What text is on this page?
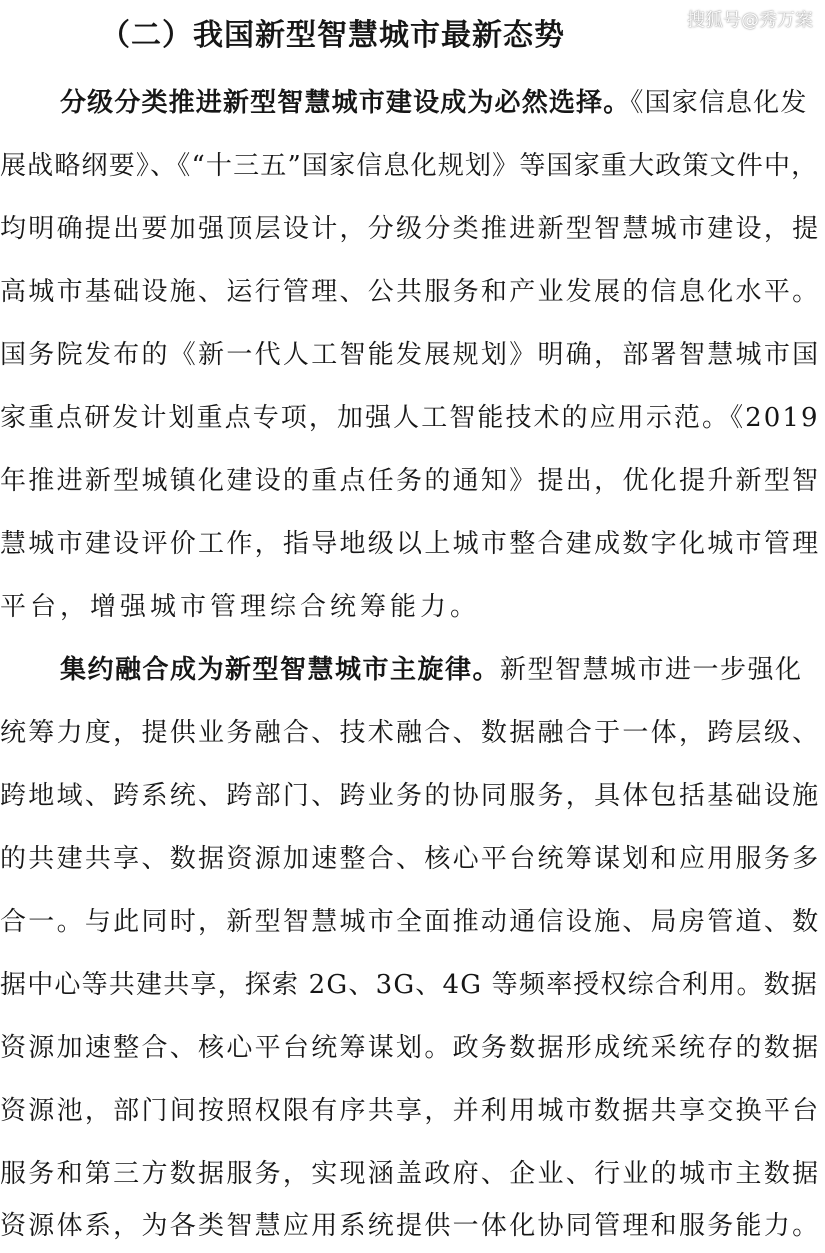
搜狐号@秀万案
（二）我国新型智慧城市最新态势
分级分类推进新型智慧城市建设成为必然选择。《国家信息化发
展战略纲要》、《“十三五”国家信息化规划》等国家重大政策文件中，
均明确提出要加强顶层设计，分级分类推进新型智慧城市建设，提
高城市基础设施、运行管理、公共服务和产业发展的信息化水平。
国务院发布的《新一代人工智能发展规划》明确，部署智慧城市国
家重点研发计划重点专项，加强人工智能技术的应用示范。《2019
年推进新型城镇化建设的重点任务的通知》提出，优化提升新型智
慧城市建设评价工作，指导地级以上城市整合建成数字化城市管理
平台，增强城市管理综合统筹能力。
集约融合成为新型智慧城市主旋律。新型智慧城市进一步强化
统筹力度，提供业务融合、技术融合、数据融合于一体，跨层级、
跨地域、跨系统、跨部门、跨业务的协同服务，具体包括基础设施
的共建共享、数据资源加速整合、核心平台统筹谋划和应用服务多
合一。与此同时，新型智慧城市全面推动通信设施、局房管道、数
据中心等共建共享，探索 2G、3G、4G 等频率授权综合利用。数据
资源加速整合、核心平台统筹谋划。政务数据形成统采统存的数据
资源池，部门间按照权限有序共享，并利用城市数据共享交换平台
服务和第三方数据服务，实现涵盖政府、企业、行业的城市主数据
资源体系，为各类智慧应用系统提供一体化协同管理和服务能力。
